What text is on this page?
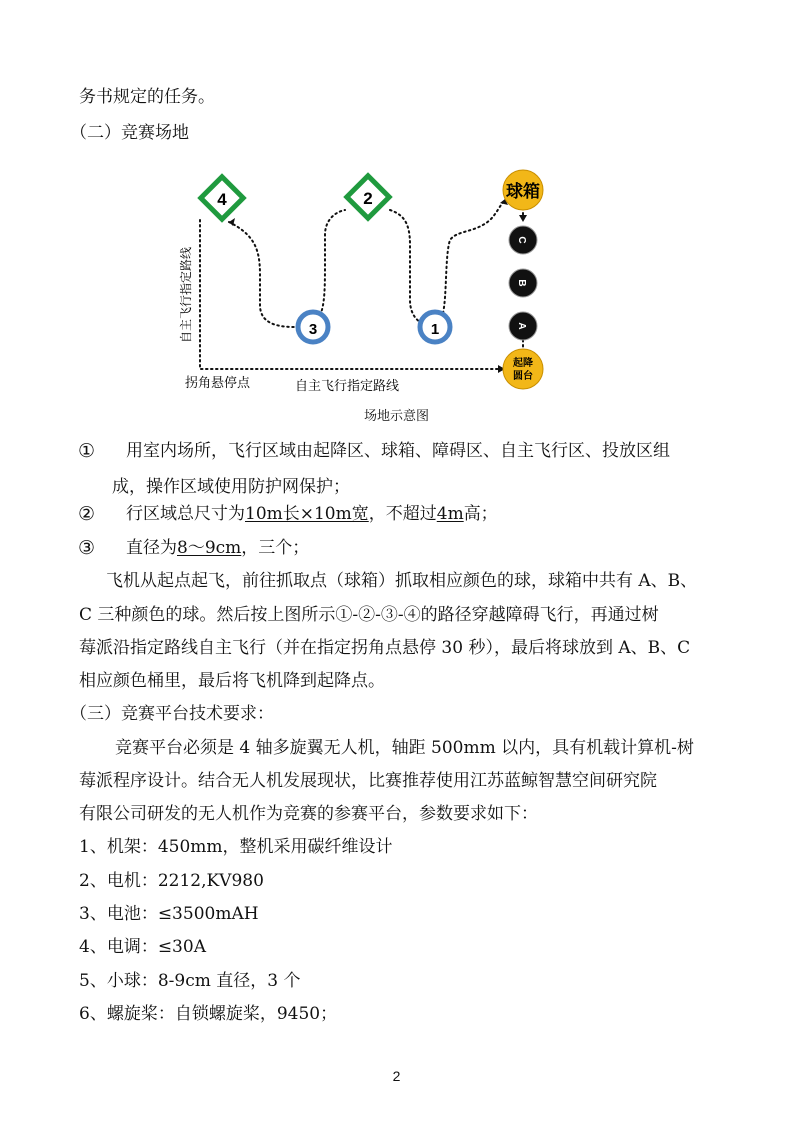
务书规定的任务。
（二）竞赛场地
4	2
3	1
球箱
C
B
A
起降
圆台
自主飞行指定路线
拐角悬停点	自主飞行指定路线
场地示意图
① 用室内场所，飞行区域由起降区、球箱、障碍区、自主飞行区、投放区组
成，操作区域使用防护网保护；
② 行区域总尺寸为10m长×10m宽，不超过4m高；
③ 直径为8～9cm，三个；
飞机从起点起飞，前往抓取点（球箱）抓取相应颜色的球，球箱中共有 A、B、
C 三种颜色的球。然后按上图所示①-②-③-④的路径穿越障碍飞行，再通过树
莓派沿指定路线自主飞行（并在指定拐角点悬停 30 秒），最后将球放到 A、B、C
相应颜色桶里，最后将飞机降到起降点。
（三）竞赛平台技术要求：
竞赛平台必须是 4 轴多旋翼无人机，轴距 500mm 以内，具有机载计算机-树
莓派程序设计。结合无人机发展现状，比赛推荐使用江苏蓝鲸智慧空间研究院
有限公司研发的无人机作为竞赛的参赛平台，参数要求如下：
1、机架：450mm，整机采用碳纤维设计
2、电机：2212,KV980
3、电池：≤3500mAH
4、电调：≤30A
5、小球：8-9cm 直径，3 个
6、螺旋桨：自锁螺旋桨，9450；
2
